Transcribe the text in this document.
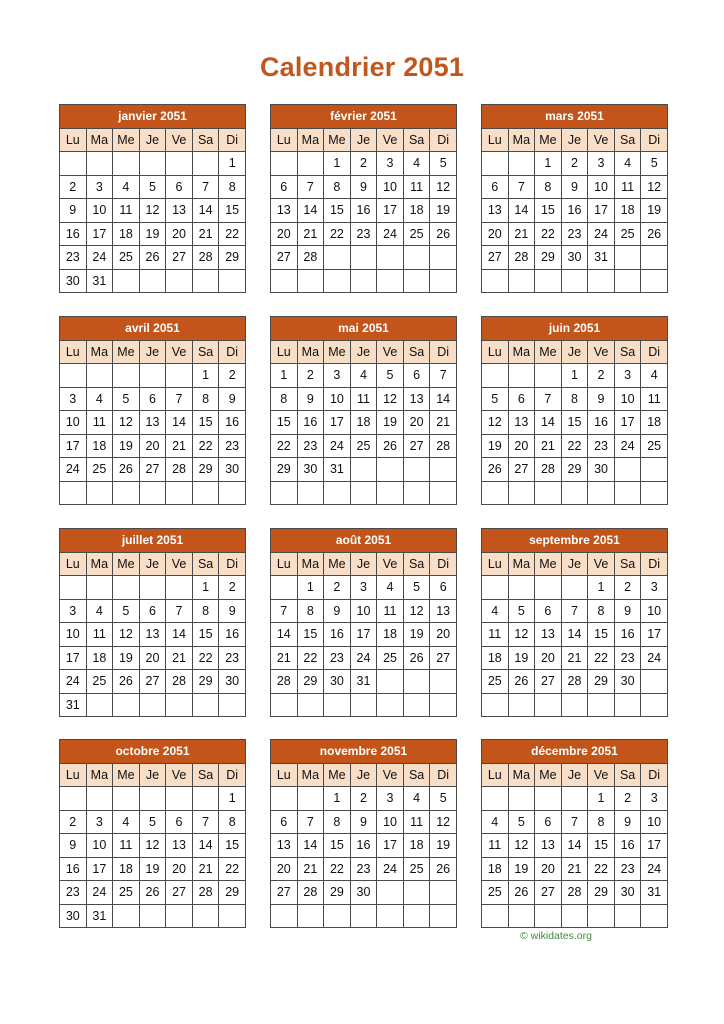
Calendrier 2051
janvier 2051						
Lu	Ma	Me	Je	Ve	Sa	Di
						1
2	3	4	5	6	7	8
9	10	11	12	13	14	15
16	17	18	19	20	21	22
23	24	25	26	27	28	29
30	31					
février 2051						
Lu	Ma	Me	Je	Ve	Sa	Di
		1	2	3	4	5
6	7	8	9	10	11	12
13	14	15	16	17	18	19
20	21	22	23	24	25	26
27	28					

mars 2051						
Lu	Ma	Me	Je	Ve	Sa	Di
		1	2	3	4	5
6	7	8	9	10	11	12
13	14	15	16	17	18	19
20	21	22	23	24	25	26
27	28	29	30	31		

avril 2051						
Lu	Ma	Me	Je	Ve	Sa	Di
					1	2
3	4	5	6	7	8	9
10	11	12	13	14	15	16
17	18	19	20	21	22	23
24	25	26	27	28	29	30

mai 2051						
Lu	Ma	Me	Je	Ve	Sa	Di
1	2	3	4	5	6	7
8	9	10	11	12	13	14
15	16	17	18	19	20	21
22	23	24	25	26	27	28
29	30	31				

juin 2051						
Lu	Ma	Me	Je	Ve	Sa	Di
			1	2	3	4
5	6	7	8	9	10	11
12	13	14	15	16	17	18
19	20	21	22	23	24	25
26	27	28	29	30		

juillet 2051						
Lu	Ma	Me	Je	Ve	Sa	Di
					1	2
3	4	5	6	7	8	9
10	11	12	13	14	15	16
17	18	19	20	21	22	23
24	25	26	27	28	29	30
31						
août 2051						
Lu	Ma	Me	Je	Ve	Sa	Di
	1	2	3	4	5	6
7	8	9	10	11	12	13
14	15	16	17	18	19	20
21	22	23	24	25	26	27
28	29	30	31			

septembre 2051						
Lu	Ma	Me	Je	Ve	Sa	Di
				1	2	3
4	5	6	7	8	9	10
11	12	13	14	15	16	17
18	19	20	21	22	23	24
25	26	27	28	29	30	

octobre 2051						
Lu	Ma	Me	Je	Ve	Sa	Di
						1
2	3	4	5	6	7	8
9	10	11	12	13	14	15
16	17	18	19	20	21	22
23	24	25	26	27	28	29
30	31					
novembre 2051						
Lu	Ma	Me	Je	Ve	Sa	Di
		1	2	3	4	5
6	7	8	9	10	11	12
13	14	15	16	17	18	19
20	21	22	23	24	25	26
27	28	29	30			

décembre 2051						
Lu	Ma	Me	Je	Ve	Sa	Di
				1	2	3
4	5	6	7	8	9	10
11	12	13	14	15	16	17
18	19	20	21	22	23	24
25	26	27	28	29	30	31

© wikidates.org
